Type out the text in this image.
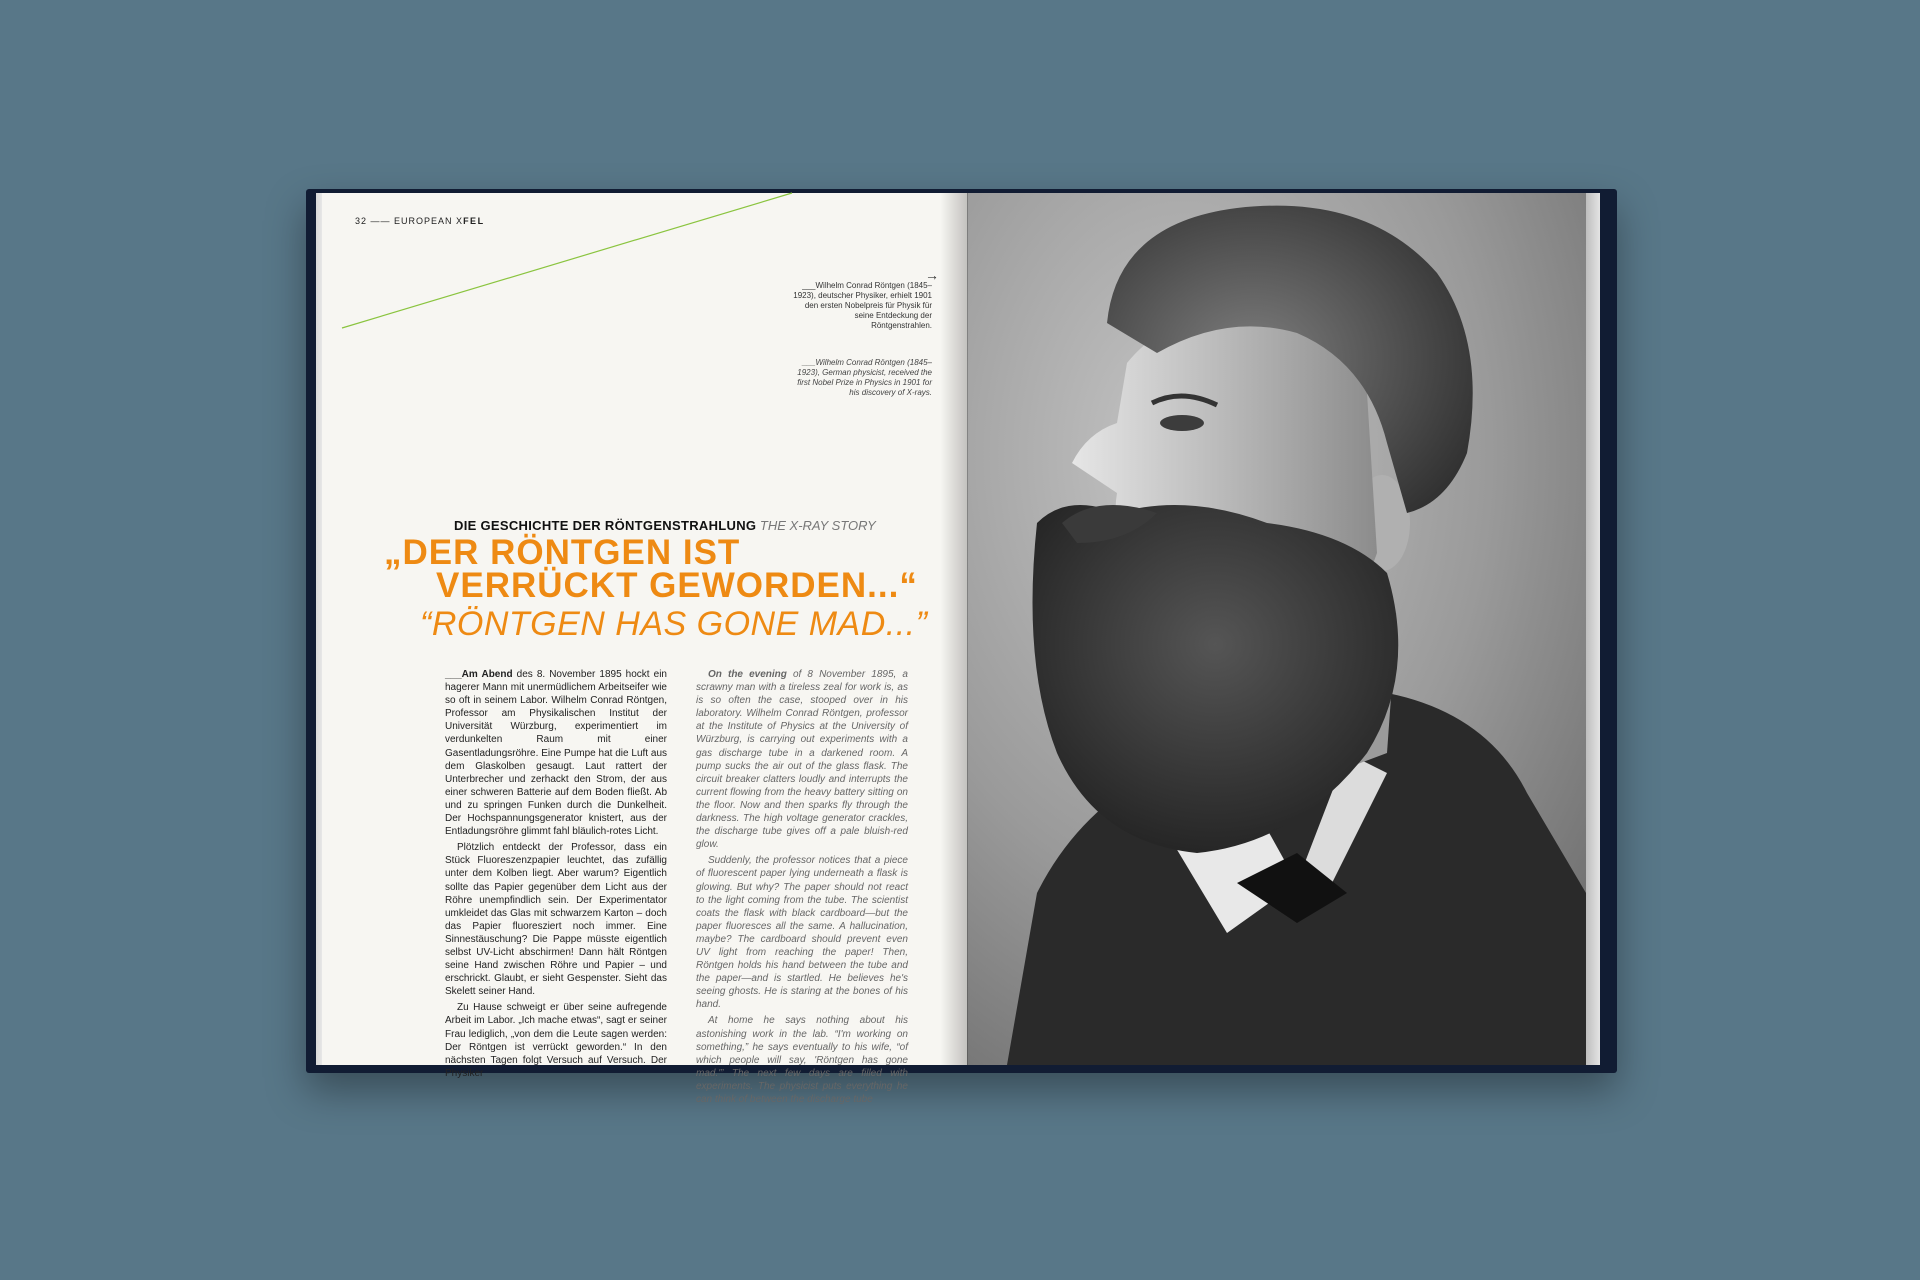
32 —— EUROPEAN XFEL
→
___Wilhelm Conrad Röntgen (1845–1923), deutscher Physiker, erhielt 1901 den ersten Nobelpreis für Physik für seine Entdeckung der Röntgenstrahlen.
___Wilhelm Conrad Röntgen (1845–1923), German physicist, received the first Nobel Prize in Physics in 1901 for his discovery of X-rays.
DIE GESCHICHTE DER RÖNTGENSTRAHLUNG THE X-RAY STORY
„DER RÖNTGEN IST
VERRÜCKT GEWORDEN...“
“RÖNTGEN HAS GONE MAD...”

___Am Abend des 8. November 1895 hockt ein hagerer Mann mit unermüdlichem Arbeitseifer wie so oft in seinem Labor. Wilhelm Conrad Röntgen, Professor am Physikalischen Institut der Universität Würzburg, experimentiert im verdunkelten Raum mit einer Gasentladungsröhre. Eine Pumpe hat die Luft aus dem Glaskolben gesaugt. Laut rattert der Unterbrecher und zerhackt den Strom, der aus einer schweren Batterie auf dem Boden fließt. Ab und zu springen Funken durch die Dunkelheit. Der Hochspannungsgenerator knistert, aus der Entladungsröhre glimmt fahl bläulich-rotes Licht.

Plötzlich entdeckt der Professor, dass ein Stück Fluoreszenzpapier leuchtet, das zufällig unter dem Kolben liegt. Aber warum? Eigentlich sollte das Papier gegenüber dem Licht aus der Röhre unempfindlich sein. Der Experimentator umkleidet das Glas mit schwarzem Karton – doch das Papier fluoresziert noch immer. Eine Sinnestäuschung? Die Pappe müsste eigentlich selbst UV-Licht abschirmen! Dann hält Röntgen seine Hand zwischen Röhre und Papier – und erschrickt. Glaubt, er sieht Gespenster. Sieht das Skelett seiner Hand.

Zu Hause schweigt er über seine aufregende Arbeit im Labor. „Ich mache etwas“, sagt er seiner Frau lediglich, „von dem die Leute sagen werden: Der Röntgen ist verrückt geworden.“ In den nächsten Tagen folgt Versuch auf Versuch. Der Physiker

On the evening of 8 November 1895, a scrawny man with a tireless zeal for work is, as is so often the case, stooped over in his laboratory. Wilhelm Conrad Röntgen, professor at the Institute of Physics at the University of Würzburg, is carrying out experiments with a gas discharge tube in a darkened room. A pump sucks the air out of the glass flask. The circuit breaker clatters loudly and interrupts the current flowing from the heavy battery sitting on the floor. Now and then sparks fly through the darkness. The high voltage generator crackles, the discharge tube gives off a pale bluish-red glow.

Suddenly, the professor notices that a piece of fluorescent paper lying underneath a flask is glowing. But why? The paper should not react to the light coming from the tube. The scientist coats the flask with black cardboard—but the paper fluoresces all the same. A hallucination, maybe? The cardboard should prevent even UV light from reaching the paper! Then, Röntgen holds his hand between the tube and the paper—and is startled. He believes he's seeing ghosts. He is staring at the bones of his hand.

At home he says nothing about his astonishing work in the lab. “I'm working on something,” he says eventually to his wife, “of which people will say, 'Röntgen has gone mad.'” The next few days are filled with experiments. The physicist puts everything he can think of between the discharge tube
